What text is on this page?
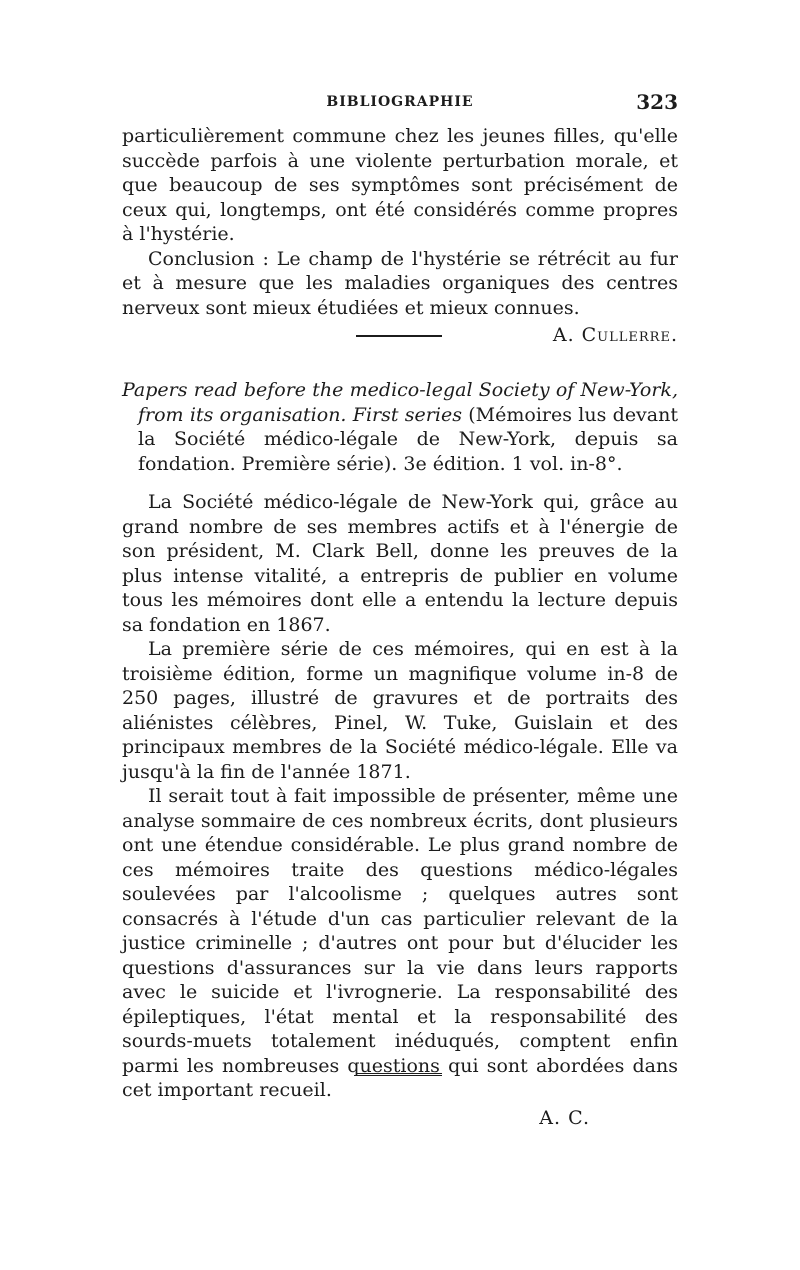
BIBLIOGRAPHIE	323

particulièrement commune chez les jeunes filles, qu'elle succède parfois à une violente perturbation morale, et que beaucoup de ses symptômes sont précisément de ceux qui, longtemps, ont été considérés comme propres à l'hystérie.

Conclusion : Le champ de l'hystérie se rétrécit au fur et à mesure que les maladies organiques des centres nerveux sont mieux étudiées et mieux connues.

A. Cullerre.
Papers read before the medico-legal Society of New-York, from its organisation. First series (Mémoires lus devant la Société médico-légale de New-York, depuis sa fondation. Première série). 3e édition. 1 vol. in-8°.

La Société médico-légale de New-York qui, grâce au grand nombre de ses membres actifs et à l'énergie de son président, M. Clark Bell, donne les preuves de la plus intense vitalité, a entrepris de publier en volume tous les mémoires dont elle a entendu la lecture depuis sa fondation en 1867.

La première série de ces mémoires, qui en est à la troisième édition, forme un magnifique volume in-8 de 250 pages, illustré de gravures et de portraits des aliénistes célèbres, Pinel, W. Tuke, Guislain et des principaux membres de la Société médico-légale. Elle va jusqu'à la fin de l'année 1871.

Il serait tout à fait impossible de présenter, même une analyse sommaire de ces nombreux écrits, dont plusieurs ont une étendue considérable. Le plus grand nombre de ces mémoires traite des questions médico-légales soulevées par l'alcoolisme ; quelques autres sont consacrés à l'étude d'un cas particulier relevant de la justice criminelle ; d'autres ont pour but d'élucider les questions d'assurances sur la vie dans leurs rapports avec le suicide et l'ivrognerie. La responsabilité des épileptiques, l'état mental et la responsabilité des sourds-muets totalement inéduqués, comptent enfin parmi les nombreuses questions qui sont abordées dans cet important recueil.

A. C.
